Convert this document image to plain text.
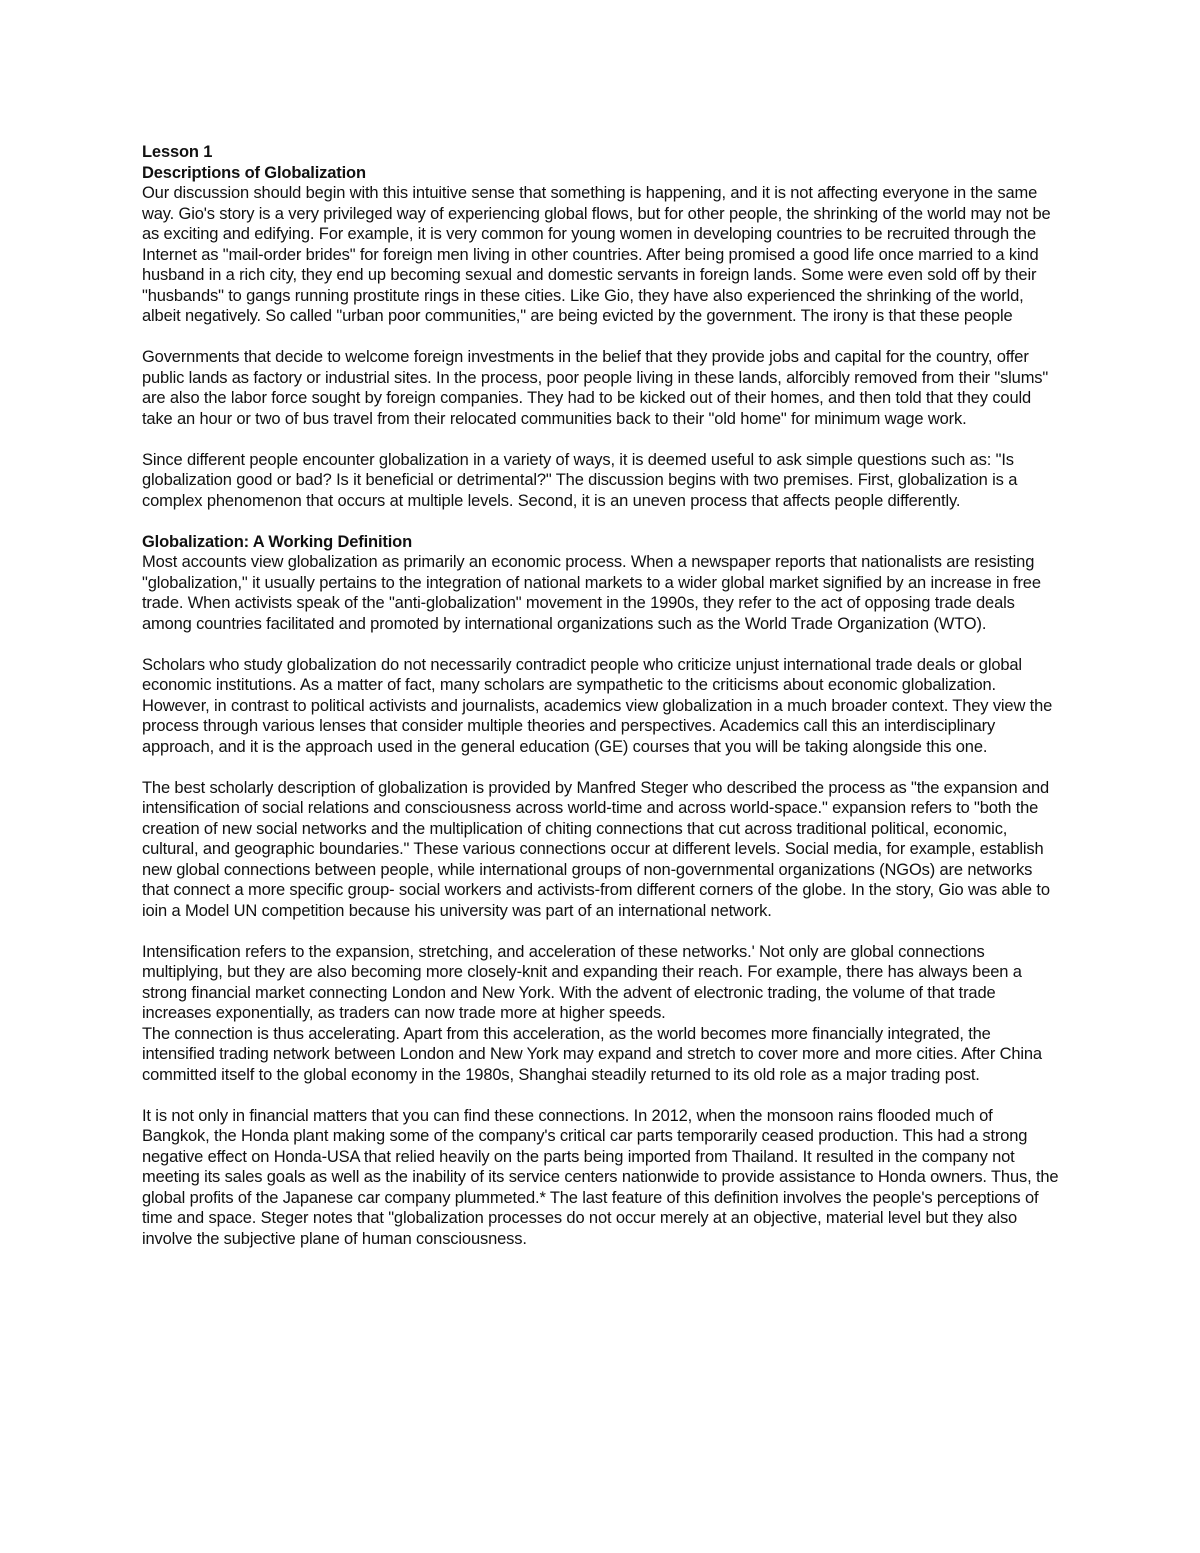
Lesson 1

Descriptions of Globalization

Our discussion should begin with this intuitive sense that something is happening, and it is not affecting everyone in the same way. Gio's story is a very privileged way of experiencing global flows, but for other people, the shrinking of the world may not be as exciting and edifying. For example, it is very common for young women in developing countries to be recruited through the Internet as "mail-order brides" for foreign men living in other countries. After being promised a good life once married to a kind husband in a rich city, they end up becoming sexual and domestic servants in foreign lands. Some were even sold off by their "husbands" to gangs running prostitute rings in these cities. Like Gio, they have also experienced the shrinking of the world, albeit negatively. So called "urban poor communities," are being evicted by the government. The irony is that these people

Governments that decide to welcome foreign investments in the belief that they provide jobs and capital for the country, offer public lands as factory or industrial sites. In the process, poor people living in these lands, alforcibly removed from their "slums" are also the labor force sought by foreign companies. They had to be kicked out of their homes, and then told that they could take an hour or two of bus travel from their relocated communities back to their "old home" for minimum wage work.

Since different people encounter globalization in a variety of ways, it is deemed useful to ask simple questions such as: "Is globalization good or bad? Is it beneficial or detrimental?" The discussion begins with two premises. First, globalization is a complex phenomenon that occurs at multiple levels. Second, it is an uneven process that affects people differently.

Globalization: A Working Definition

Most accounts view globalization as primarily an economic process. When a newspaper reports that nationalists are resisting "globalization," it usually pertains to the integration of national markets to a wider global market signified by an increase in free trade. When activists speak of the "anti-globalization" movement in the 1990s, they refer to the act of opposing trade deals among countries facilitated and promoted by international organizations such as the World Trade Organization (WTO).

Scholars who study globalization do not necessarily contradict people who criticize unjust international trade deals or global economic institutions. As a matter of fact, many scholars are sympathetic to the criticisms about economic globalization. However, in contrast to political activists and journalists, academics view globalization in a much broader context. They view the process through various lenses that consider multiple theories and perspectives. Academics call this an interdisciplinary approach, and it is the approach used in the general education (GE) courses that you will be taking alongside this one.

The best scholarly description of globalization is provided by Manfred Steger who described the process as "the expansion and intensification of social relations and consciousness across world-time and across world-space." expansion refers to "both the creation of new social networks and the multiplication of chiting connections that cut across traditional political, economic, cultural, and geographic boundaries." These various connections occur at different levels. Social media, for example, establish new global connections between people, while international groups of non-governmental organizations (NGOs) are networks that connect a more specific group- social workers and activists-from different corners of the globe. In the story, Gio was able to ioin a Model UN competition because his university was part of an international network.

Intensification refers to the expansion, stretching, and acceleration of these networks.' Not only are global connections multiplying, but they are also becoming more closely-knit and expanding their reach. For example, there has always been a strong financial market connecting London and New York. With the advent of electronic trading, the volume of that trade increases exponentially, as traders can now trade more at higher speeds.

The connection is thus accelerating. Apart from this acceleration, as the world becomes more financially integrated, the intensified trading network between London and New York may expand and stretch to cover more and more cities. After China committed itself to the global economy in the 1980s, Shanghai steadily returned to its old role as a major trading post.

It is not only in financial matters that you can find these connections. In 2012, when the monsoon rains flooded much of Bangkok, the Honda plant making some of the company's critical car parts temporarily ceased production. This had a strong negative effect on Honda-USA that relied heavily on the parts being imported from Thailand. It resulted in the company not meeting its sales goals as well as the inability of its service centers nationwide to provide assistance to Honda owners. Thus, the global profits of the Japanese car company plummeted.* The last feature of this definition involves the people's perceptions of time and space. Steger notes that "globalization processes do not occur merely at an objective, material level but they also involve the subjective plane of human consciousness.
